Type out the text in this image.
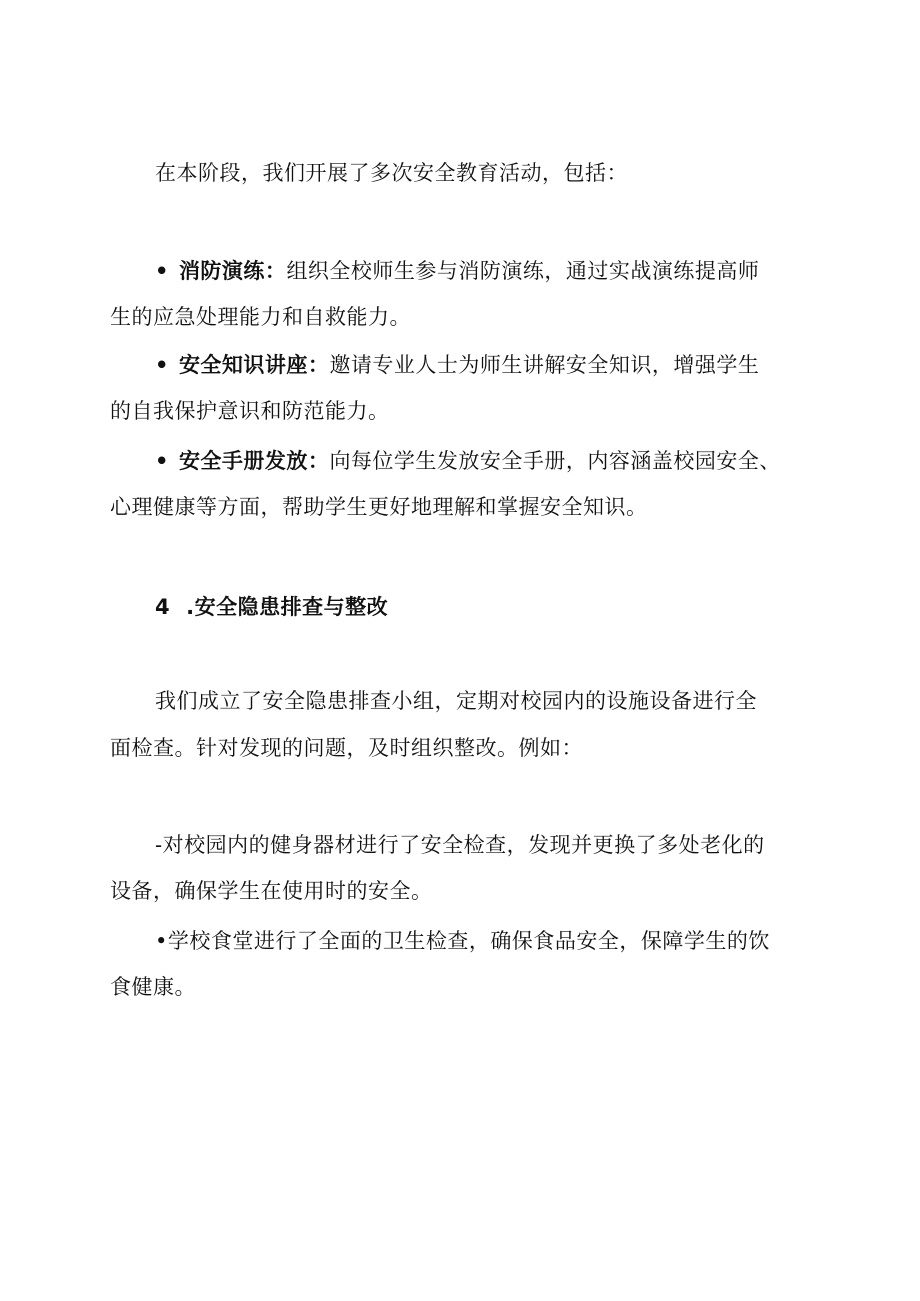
在本阶段，我们开展了多次安全教育活动，包括：
• 消防演练：组织全校师生参与消防演练，通过实战演练提高师
生的应急处理能力和自救能力。
• 安全知识讲座：邀请专业人士为师生讲解安全知识，增强学生
的自我保护意识和防范能力。
• 安全手册发放：向每位学生发放安全手册，内容涵盖校园安全、
心理健康等方面，帮助学生更好地理解和掌握安全知识。
4 .安全隐患排查与整改
我们成立了安全隐患排查小组，定期对校园内的设施设备进行全
面检查。针对发现的问题，及时组织整改。例如：
-对校园内的健身器材进行了安全检查，发现并更换了多处老化的
设备，确保学生在使用时的安全。
•学校食堂进行了全面的卫生检查，确保食品安全，保障学生的饮
食健康。
